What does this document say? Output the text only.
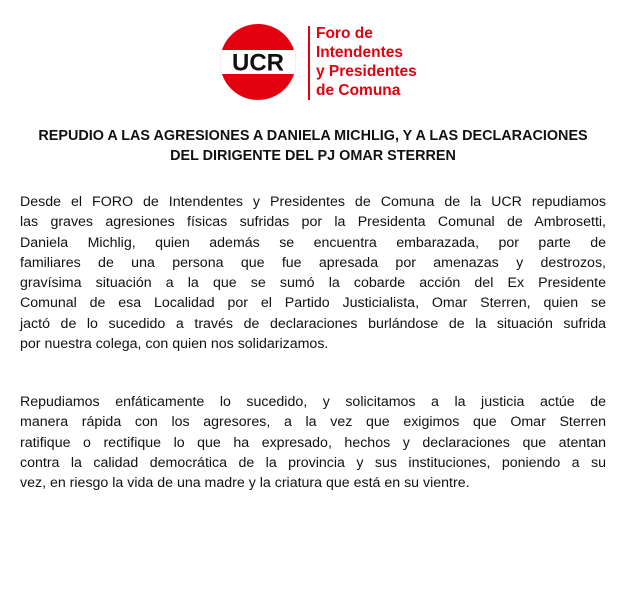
UCR
Foro de
Intendentes
y Presidentes
de Comuna
REPUDIO A LAS AGRESIONES A DANIELA MICHLIG, Y A LAS DECLARACIONES
DEL DIRIGENTE DEL PJ OMAR STERREN
Desde el FORO de Intendentes y Presidentes de Comuna de la UCR repudiamos
las graves agresiones físicas sufridas por la Presidenta Comunal de Ambrosetti,
Daniela Michlig, quien además se encuentra embarazada, por parte de
familiares de una persona que fue apresada por amenazas y destrozos,
gravísima situación a la que se sumó la cobarde acción del Ex Presidente
Comunal de esa Localidad por el Partido Justicialista, Omar Sterren, quien se
jactó de lo sucedido a través de declaraciones burlándose de la situación sufrida
por nuestra colega, con quien nos solidarizamos.
Repudiamos enfáticamente lo sucedido, y solicitamos a la justicia actúe de
manera rápida con los agresores, a la vez que exigimos que Omar Sterren
ratifique o rectifique lo que ha expresado, hechos y declaraciones que atentan
contra la calidad democrática de la provincia y sus instituciones, poniendo a su
vez, en riesgo la vida de una madre y la criatura que está en su vientre.
